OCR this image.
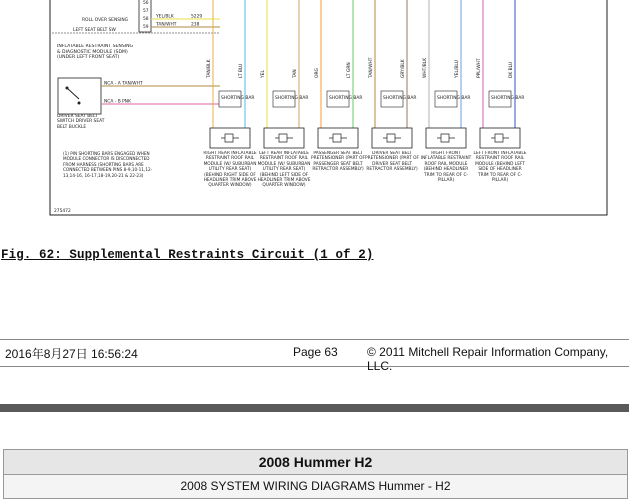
56
57
58
59
ROLL OVER SENSING
LEFT SEAT BELT SW
YEL/BLK	5229
TAN/WHT	238
INFLATABLE RESTRAINT SENSING & DIAGNOSTIC MODULE (SDM) (UNDER LEFT FRONT SEAT)
NCA - A TAN/WHT
NCA - B PNK
DRIVER SEAT BELT SWITCH DRIVER SEAT BELT BUCKLE
(1) PIN SHORTING BARS ENGAGED WHEN MODULE CONNECTOR IS DISCONNECTED FROM HARNESS (SHORTING BARS ARE CONNECTED BETWEEN PINS 8-9,10-11,12-13,14-16, 16-17,18-19,20-21 & 22-23)
275472
TAN/BLK	LT BLU
SHORTING BAR
RIGHT REAR INFLATABLE RESTRAINT ROOF RAIL MODULE (W/ SUBURBAN UTILITY REAR SEAT) (BEHIND RIGHT SIDE OF HEADLINER TRIM ABOVE QUARTER WINDOW)
YEL	TAN
SHORTING BAR
LEFT REAR INFLATABLE RESTRAINT ROOF RAIL MODULE (W/ SUBURBAN UTILITY REAR SEAT) (BEHIND LEFT SIDE OF HEADLINER TRIM ABOVE QUARTER WINDOW)
ORG	LT GRN
SHORTING BAR
PASSENGER SEAT BELT PRETENSIONER (PART OF PASSENGER SEAT BELT RETRACTOR ASSEMBLY)
TAN/WHT	GRY/BLK
SHORTING BAR
DRIVER SEAT BELT PRETENSIONER (PART OF DRIVER SEAT BELT RETRACTOR ASSEMBLY)
WHT/BLK	YEL/BLU
SHORTING BAR
RIGHT FRONT INFLATABLE RESTRAINT ROOF RAIL MODULE (BEHIND HEADLINER TRIM TO REAR OF C-PILLAR)
PPL/WHT	DK BLU
SHORTING BAR
LEFT FRONT INFLATABLE RESTRAINT ROOF RAIL MODULE (BEHIND LEFT SIDE OF HEADLINER TRIM TO REAR OF C-PILLAR)
Fig. 62: Supplemental Restraints Circuit (1 of 2)
2016年8月27日 16:56:24	Page 63 © 2011 Mitchell Repair Information Company, LLC.
2008 Hummer H2
2008 SYSTEM WIRING DIAGRAMS Hummer - H2
